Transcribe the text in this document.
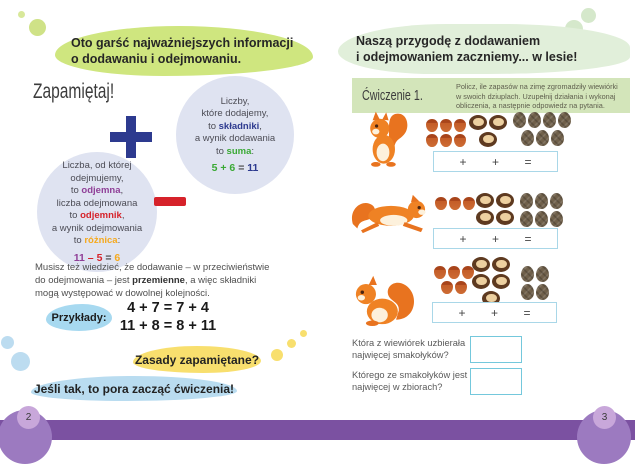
Oto garść najważniejszych informacji
o dodawaniu i odejmowaniu.
Zapamiętaj!	Liczby,
które dodajemy,
to składniki,
a wynik dodawania
to suma:
5 + 6 = 11
Liczba, od której
odejmujemy,
to odjemna,
liczba odejmowana
to odjemnik,
a wynik odejmowania
to różnica:
11 – 5 = 6
Musisz też wiedzieć, że dodawanie – w przeciwieństwie do odejmowania – jest przemienne, a więc składniki mogą występować w dowolnej kolejności.
Przykłady:
4 + 7 = 7 + 4
11 + 8 = 8 + 11
Zasady zapamiętane?
Jeśli tak, to pora zacząć ćwiczenia!
Naszą przygodę z dodawaniem
i odejmowaniem zaczniemy... w lesie!
Ćwiczenie 1.
Policz, ile zapasów na zimę zgromadziły wiewiórki
w swoich dziuplach. Uzupełnij działania i wykonaj
obliczenia, a następnie odpowiedz na pytania.
+ + =
+ + =
+ + =
Która z wiewiórek uzbierała
najwięcej smakołyków?
Którego ze smakołyków jest
najwięcej w zbiorach?
2	3
